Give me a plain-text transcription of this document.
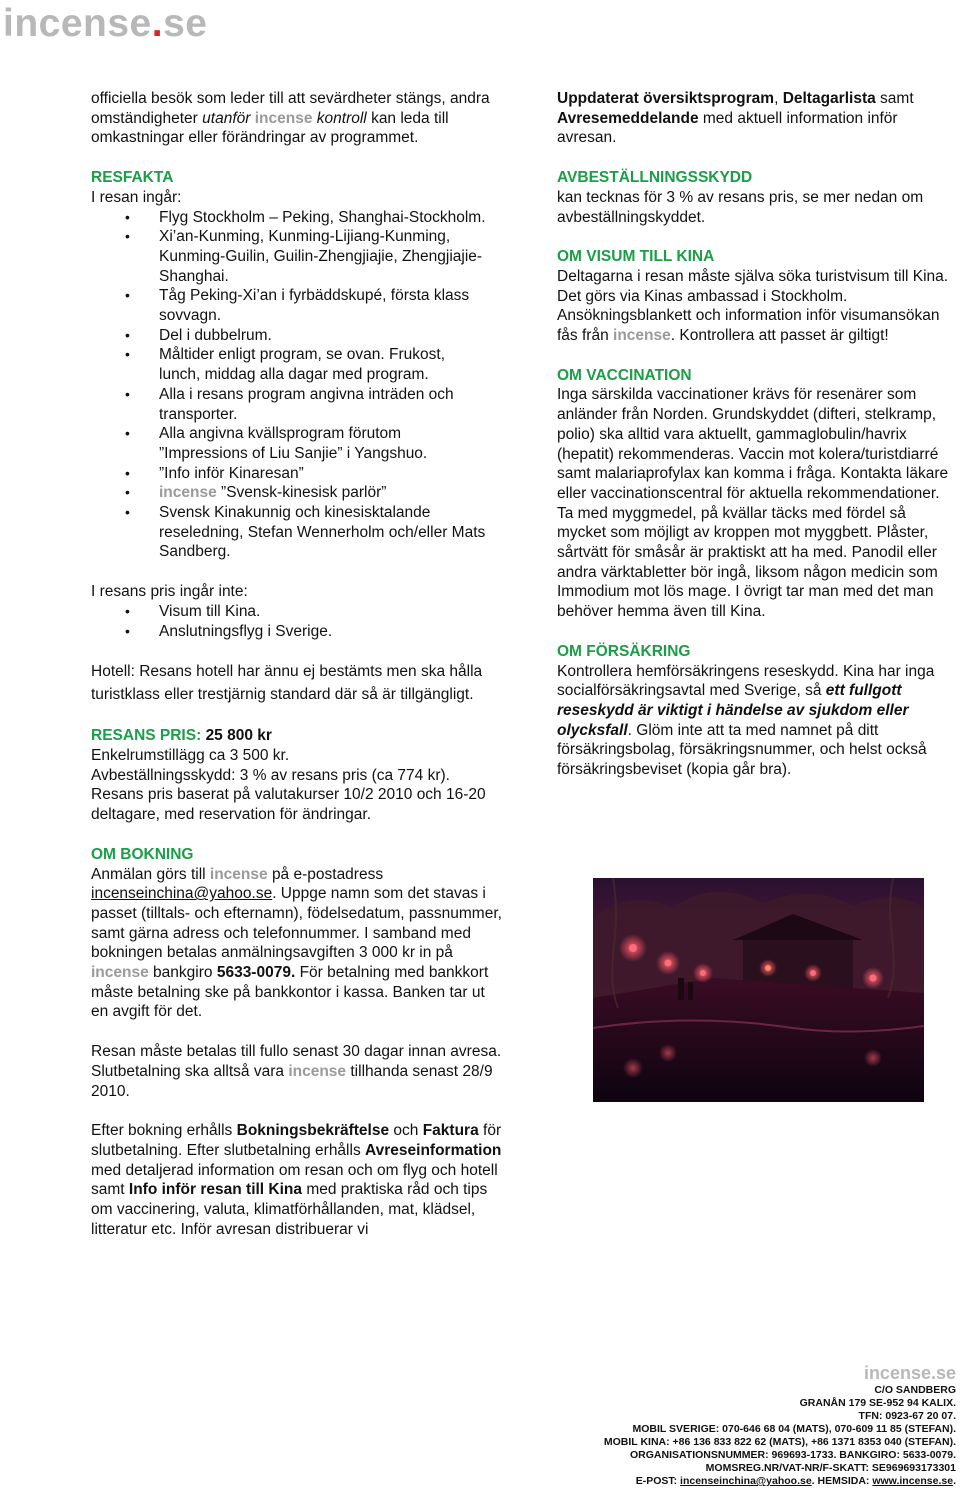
incense.se

officiella besök som leder till att sevärdheter stängs, andra omständigheter utanför incense kontroll kan leda till omkastningar eller förändringar av programmet.

RESFAKTA

I resan ingår:

• Flyg Stockholm – Peking, Shanghai-Stockholm.
• Xi’an-Kunming, Kunming-Lijiang-Kunming, Kunming-Guilin, Guilin-Zhengjiajie, Zhengjiajie-Shanghai.
• Tåg Peking-Xi’an i fyrbäddskupé, första klass sovvagn.
• Del i dubbelrum.
• Måltider enligt program, se ovan. Frukost, lunch, middag alla dagar med program.
• Alla i resans program angivna inträden och transporter.
• Alla angivna kvällsprogram förutom ”Impressions of Liu Sanjie” i Yangshuo.
• ”Info inför Kinaresan”
• incense ”Svensk-kinesisk parlör”
• Svensk Kinakunnig och kinesisktalande reseledning, Stefan Wennerholm och/eller Mats Sandberg.

I resans pris ingår inte:

• Visum till Kina.
• Anslutningsflyg i Sverige.

Hotell: Resans hotell har ännu ej bestämts men ska hålla turistklass eller trestjärnig standard där så är tillgängligt.

RESANS PRIS: 25 800 kr

Enkelrumstillägg ca 3 500 kr.

Avbeställningsskydd: 3 % av resans pris (ca 774 kr).

Resans pris baserat på valutakurser 10/2 2010 och 16-20 deltagare, med reservation för ändringar.

OM BOKNING

Anmälan görs till incense på e-postadress incenseinchina@yahoo.se. Uppge namn som det stavas i passet (tilltals- och efternamn), födelsedatum, passnummer, samt gärna adress och telefonnummer. I samband med bokningen betalas anmälningsavgiften 3 000 kr in på incense bankgiro 5633-0079. För betalning med bankkort måste betalning ske på bankkontor i kassa. Banken tar ut en avgift för det.

Resan måste betalas till fullo senast 30 dagar innan avresa. Slutbetalning ska alltså vara incense tillhanda senast 28/9 2010.

Efter bokning erhålls Bokningsbekräftelse och Faktura för slutbetalning. Efter slutbetalning erhålls Avreseinformation med detaljerad information om resan och om flyg och hotell samt Info inför resan till Kina med praktiska råd och tips om vaccinering, valuta, klimatförhållanden, mat, klädsel, litteratur etc. Inför avresan distribuerar vi

Uppdaterat översiktsprogram, Deltagarlista samt Avresemeddelande med aktuell information inför avresan.

AVBESTÄLLNINGSSKYDD

kan tecknas för 3 % av resans pris, se mer nedan om avbeställningskyddet.

OM VISUM TILL KINA

Deltagarna i resan måste själva söka turistvisum till Kina. Det görs via Kinas ambassad i Stockholm. Ansökningsblankett och information inför visumansökan fås från incense. Kontrollera att passet är giltigt!

OM VACCINATION

Inga särskilda vaccinationer krävs för resenärer som anländer från Norden. Grundskyddet (difteri, stelkramp, polio) ska alltid vara aktuellt, gammaglobulin/havrix (hepatit) rekommenderas. Vaccin mot kolera/turistdiarré samt malariaprofylax kan komma i fråga. Kontakta läkare eller vaccinationscentral för aktuella rekommendationer. Ta med myggmedel, på kvällar täcks med fördel så mycket som möjligt av kroppen mot myggbett. Plåster, sårtvätt för småsår är praktiskt att ha med. Panodil eller andra värktabletter bör ingå, liksom någon medicin som Immodium mot lös mage. I övrigt tar man med det man behöver hemma även till Kina.

OM FÖRSÄKRING

Kontrollera hemförsäkringens reseskydd. Kina har inga socialförsäkringsavtal med Sverige, så ett fullgott reseskydd är viktigt i händelse av sjukdom eller olycksfall. Glöm inte att ta med namnet på ditt försäkringsbolag, försäkringsnummer, och helst också försäkringsbeviset (kopia går bra).

incense.se
C/O SANDBERG
GRANÅN 179 SE-952 94 KALIX.
TFN: 0923-67 20 07.
MOBIL SVERIGE: 070-646 68 04 (MATS), 070-609 11 85 (STEFAN).
MOBIL KINA: +86 136 833 822 62 (MATS), +86 1371 8353 040 (STEFAN).
ORGANISATIONSNUMMER: 969693-1733. BANKGIRO: 5633-0079.
MOMSREG.NR/VAT-NR/F-SKATT: SE969693173301
E-POST: incenseinchina@yahoo.se. HEMSIDA: www.incense.se.
